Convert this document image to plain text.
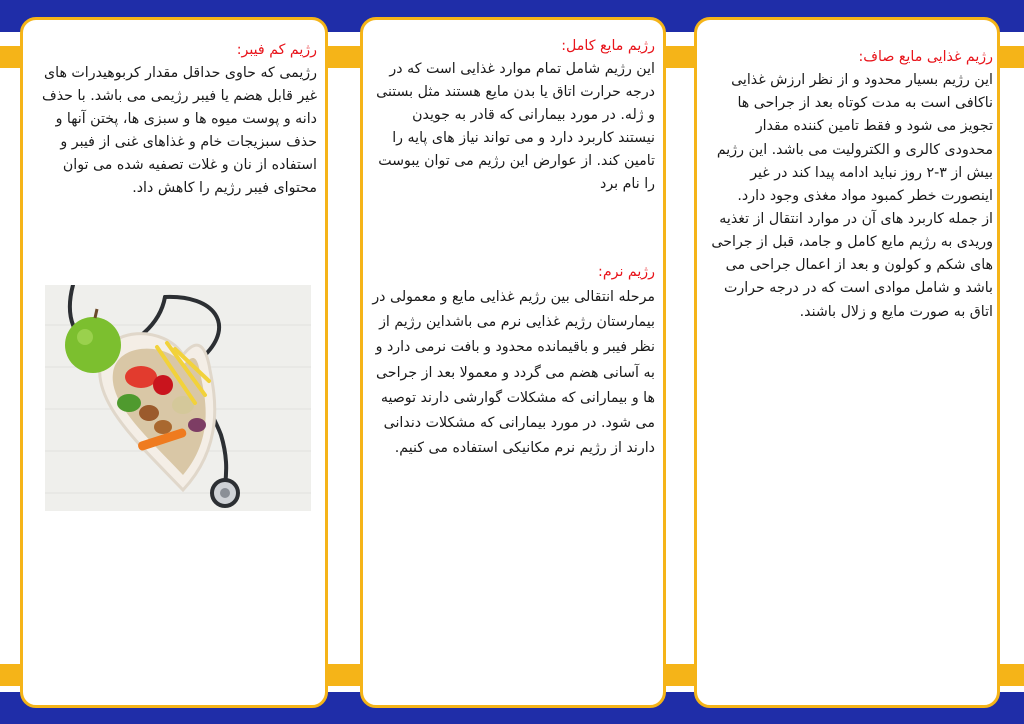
رژیم کم فیبر:

رژیمی که حاوی حداقل مقدار کربوهیدرات های غیر قابل هضم یا فیبر رژیمی می باشد. با حذف دانه و پوست میوه ها و سبزی ها، پختن آنها و حذف سبزیجات خام و غذاهای غنی از فیبر و استفاده از نان و غلات تصفیه شده می توان محتوای فیبر رژیم را کاهش داد.

رژیم مایع کامل:

این رژیم شامل تمام موارد غذایی است که در درجه حرارت اتاق یا بدن مایع هستند مثل بستنی و ژله. در مورد بیمارانی که قادر به جویدن نیستند کاربرد دارد و می تواند نیاز های پایه را تامین کند. از عوارض این رژیم می توان یبوست را نام برد

رژیم نرم:

مرحله انتقالی بین رژیم غذایی مایع و معمولی در بیمارستان رژیم غذایی نرم می باشداین رژیم از نظر فیبر و باقیمانده محدود و بافت نرمی دارد و به آسانی هضم می گردد و معمولا بعد از جراحی ها و بیمارانی که مشکلات گوارشی دارند توصیه می شود. در مورد بیمارانی که مشکلات دندانی دارند از رژیم نرم مکانیکی استفاده می کنیم.

رژیم غذایی مایع صاف:

این رژیم بسیار محدود و از نظر ارزش غذایی ناکافی است به مدت کوتاه بعد از جراحی ها تجویز می شود و فقط تامین کننده مقدار محدودی کالری و الکترولیت می باشد. این رژیم بیش از ۳-۲ روز نباید ادامه پیدا کند در غیر اینصورت خطر کمبود مواد مغذی وجود دارد.

از جمله کاربرد های آن در موارد انتقال از تغذیه وریدی به رژیم مایع کامل و جامد، قبل از جراحی های شکم و کولون و بعد از اعمال جراحی می باشد و شامل موادی است که در درجه حرارت اتاق به صورت مایع و زلال باشند.
